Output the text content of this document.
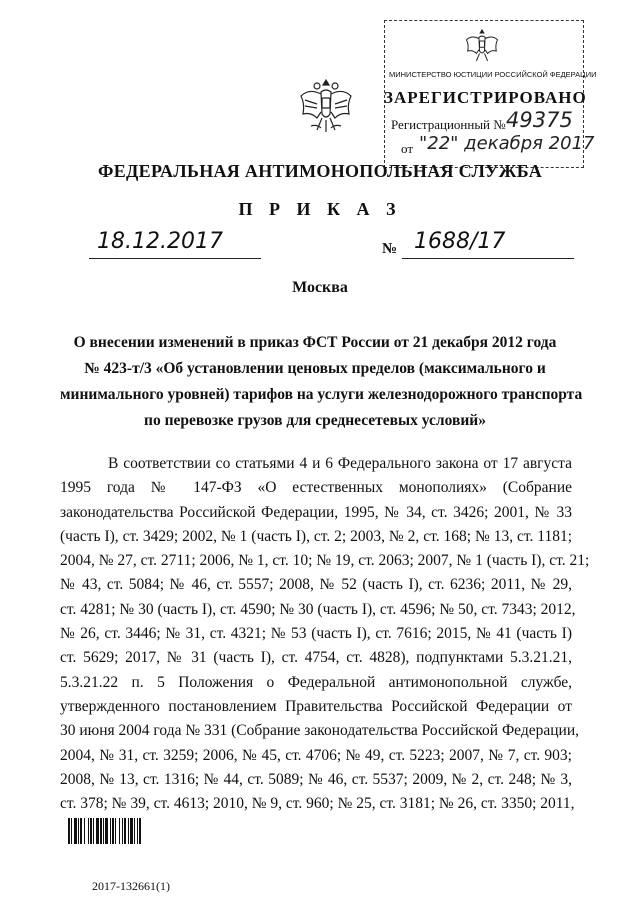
МИНИСТЕРСТВО ЮСТИЦИИ РОССИЙСКОЙ ФЕДЕРАЦИИ
ЗАРЕГИСТРИРОВАНО
Регистрационный № 49375
от "22" декабря 2017
ФЕДЕРАЛЬНАЯ АНТИМОНОПОЛЬНАЯ СЛУЖБА
П Р И К А З
18.12.2017	№ 1688/17
Москва
О внесении изменений в приказ ФСТ России от 21 декабря 2012 года
№ 423-т/3 «Об установлении ценовых пределов (максимального и
минимального уровней) тарифов на услуги железнодорожного транспорта
по перевозке грузов для среднесетевых условий»
В соответствии со статьями 4 и 6 Федерального закона от 17 августа
1995 года № 147-ФЗ «О естественных монополиях» (Собрание
законодательства Российской Федерации, 1995, № 34, ст. 3426; 2001, № 33
(часть I), ст. 3429; 2002, № 1 (часть I), ст. 2; 2003, № 2, ст. 168; № 13, ст. 1181;
2004, № 27, ст. 2711; 2006, № 1, ст. 10; № 19, ст. 2063; 2007, № 1 (часть I), ст. 21;
№ 43, ст. 5084; № 46, ст. 5557; 2008, № 52 (часть I), ст. 6236; 2011, № 29,
ст. 4281; № 30 (часть I), ст. 4590; № 30 (часть I), ст. 4596; № 50, ст. 7343; 2012,
№ 26, ст. 3446; № 31, ст. 4321; № 53 (часть I), ст. 7616; 2015, № 41 (часть I)
ст. 5629; 2017, № 31 (часть I), ст. 4754, ст. 4828), подпунктами 5.3.21.21,
5.3.21.22 п. 5 Положения о Федеральной антимонопольной службе,
утвержденного постановлением Правительства Российской Федерации от
30 июня 2004 года № 331 (Собрание законодательства Российской Федерации,
2004, № 31, ст. 3259; 2006, № 45, ст. 4706; № 49, ст. 5223; 2007, № 7, ст. 903;
2008, № 13, ст. 1316; № 44, ст. 5089; № 46, ст. 5537; 2009, № 2, ст. 248; № 3,
ст. 378; № 39, ст. 4613; 2010, № 9, ст. 960; № 25, ст. 3181; № 26, ст. 3350; 2011,
2017-132661(1)
